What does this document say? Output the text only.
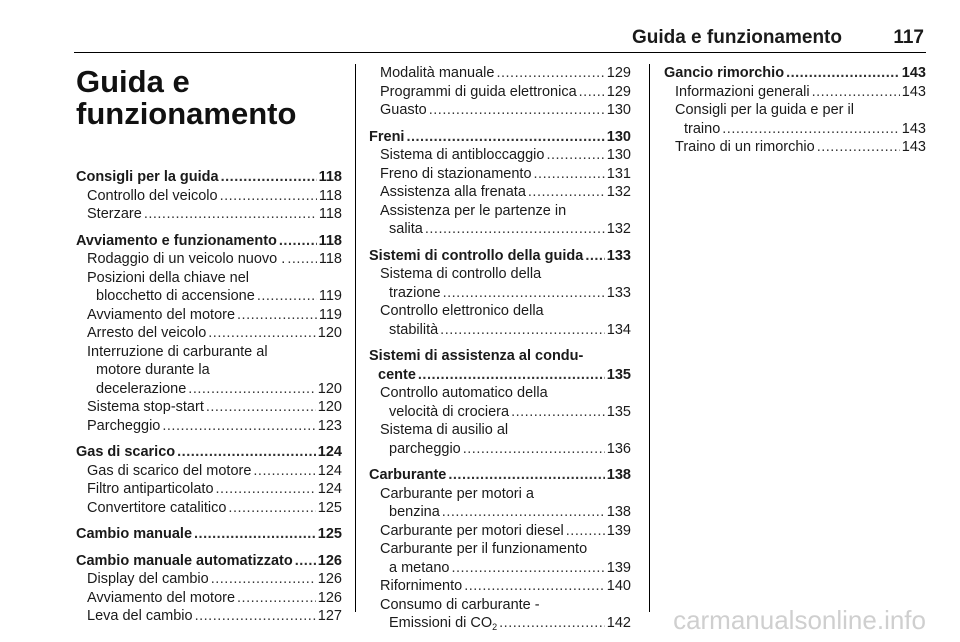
Guida e funzionamento	117
Guida e
funzionamento
Consigli per la guida .....	118
Controllo del veicolo .....	118
Sterzare .....	118
Avviamento e funzionamento .....	118
Rodaggio di un veicolo nuovo . ..... 118
Posizioni della chiave nel
blocchetto di accensione .....	119
Avviamento del motore .....	119
Arresto del veicolo .....	120
Interruzione di carburante al
motore durante la
decelerazione .....	120
Sistema stop-start .....	120
Parcheggio .....	123
Gas di scarico .....	124
Gas di scarico del motore .....	124
Filtro antiparticolato .....	124
Convertitore catalitico .....	125
Cambio manuale .....	125
Cambio manuale automatizzato ..... 126
Display del cambio .....	126
Avviamento del motore .....	126
Leva del cambio .....	127
Modalità manuale .....	129
Programmi di guida elettronica ..... 129
Guasto .....	130
Freni .....	130
Sistema di antibloccaggio .....	130
Freno di stazionamento .....	131
Assistenza alla frenata .....	132
Assistenza per le partenze in
salita .....	132
Sistemi di controllo della guida ..... 133
Sistema di controllo della
trazione .....	133
Controllo elettronico della
stabilità .....	134
Sistemi di assistenza al condu-
cente .....	135
Controllo automatico della
velocità di crociera .....	135
Sistema di ausilio al
parcheggio .....	136
Carburante .....	138
Carburante per motori a
benzina .....	138
Carburante per motori diesel .....	139
Carburante per il funzionamento
a metano .....	139
Rifornimento .....	140
Consumo di carburante -
Emissioni di $CO_2$ .....	142
Gancio rimorchio .....	143
Informazioni generali .....	143
Consigli per la guida e per il
traino .....	143
Traino di un rimorchio .....	143
carmanualsonline.info
